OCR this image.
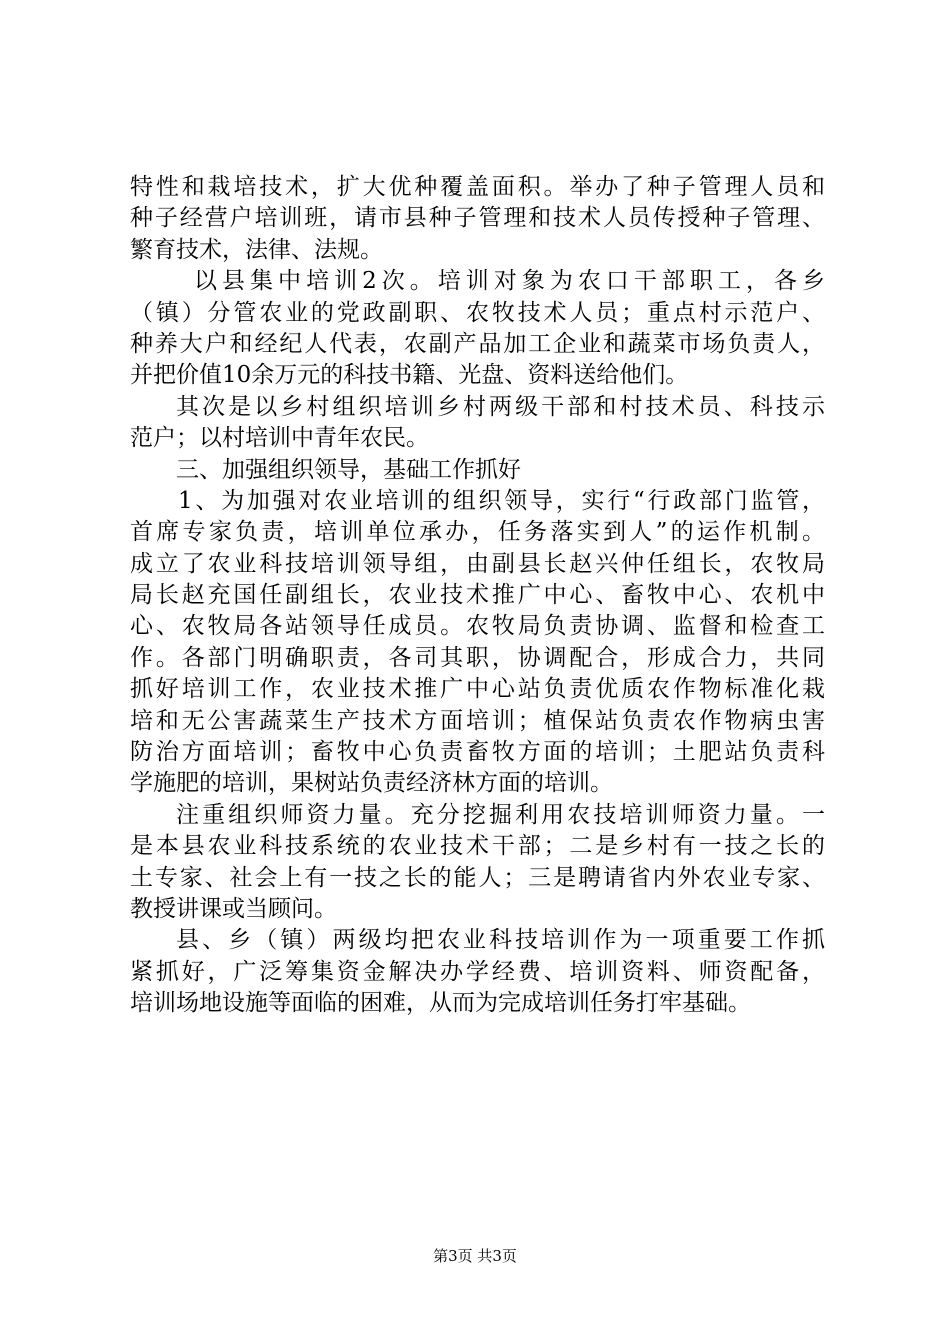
特性和栽培技术，扩大优种覆盖面积。举办了种子管理人员和
种子经营户培训班，请市县种子管理和技术人员传授种子管理、
繁育技术，法律、法规。
以县集中培训2次。培训对象为农口干部职工，各乡
（镇）分管农业的党政副职、农牧技术人员；重点村示范户、
种养大户和经纪人代表，农副产品加工企业和蔬菜市场负责人，
并把价值10余万元的科技书籍、光盘、资料送给他们。
其次是以乡村组织培训乡村两级干部和村技术员、科技示
范户；以村培训中青年农民。
三、加强组织领导，基础工作抓好
1、为加强对农业培训的组织领导，实行“行政部门监管，
首席专家负责，培训单位承办，任务落实到人”的运作机制。
成立了农业科技培训领导组，由副县长赵兴仲任组长，农牧局
局长赵充国任副组长，农业技术推广中心、畜牧中心、农机中
心、农牧局各站领导任成员。农牧局负责协调、监督和检查工
作。各部门明确职责，各司其职，协调配合，形成合力，共同
抓好培训工作，农业技术推广中心站负责优质农作物标准化栽
培和无公害蔬菜生产技术方面培训；植保站负责农作物病虫害
防治方面培训；畜牧中心负责畜牧方面的培训；土肥站负责科
学施肥的培训，果树站负责经济林方面的培训。
注重组织师资力量。充分挖掘利用农技培训师资力量。一
是本县农业科技系统的农业技术干部；二是乡村有一技之长的
土专家、社会上有一技之长的能人；三是聘请省内外农业专家、
教授讲课或当顾问。
县、乡（镇）两级均把农业科技培训作为一项重要工作抓
紧抓好，广泛筹集资金解决办学经费、培训资料、师资配备，
培训场地设施等面临的困难，从而为完成培训任务打牢基础。
第3页 共3页
